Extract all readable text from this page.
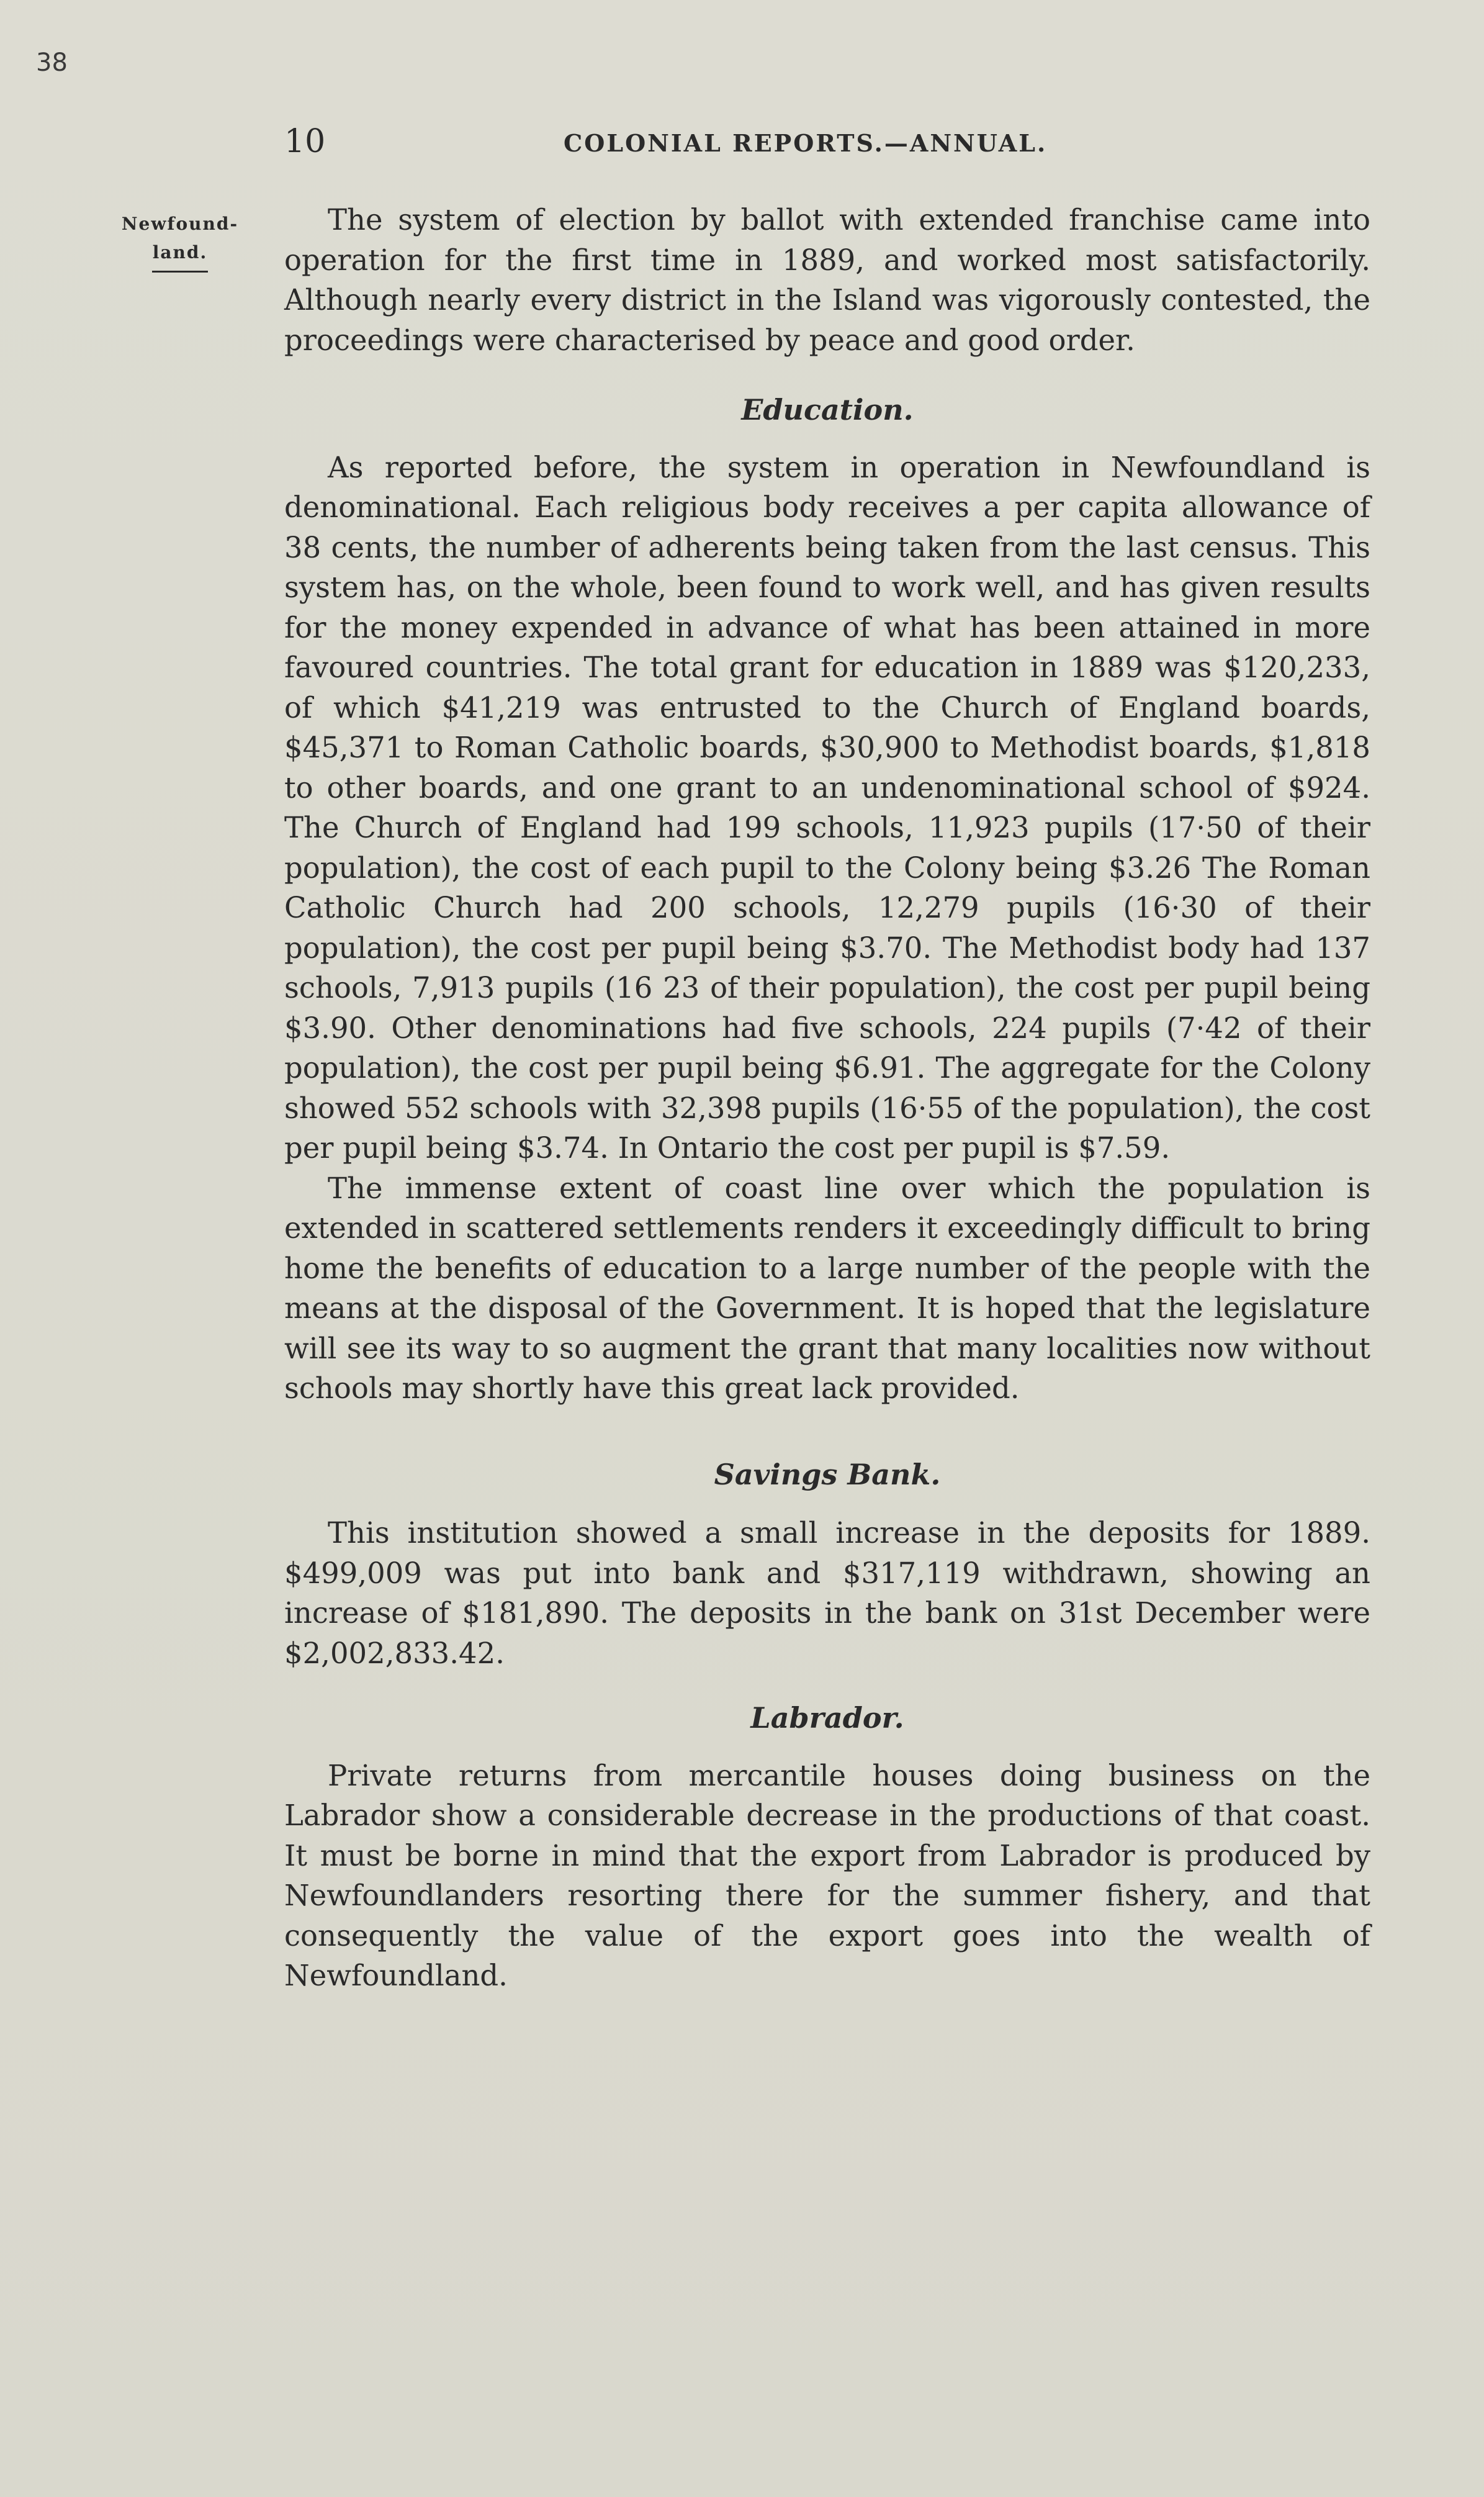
38
10	COLONIAL REPORTS.—ANNUAL.
Newfound-
land.

The system of election by ballot with extended franchise came into operation for the first time in 1889, and worked most satisfactorily. Although nearly every district in the Island was vigorously contested, the proceedings were characterised by peace and good order.

Education.

As reported before, the system in operation in Newfoundland is denominational. Each religious body receives a per capita allowance of 38 cents, the number of adherents being taken from the last census. This system has, on the whole, been found to work well, and has given results for the money expended in advance of what has been attained in more favoured countries. The total grant for education in 1889 was $120,233, of which $41,219 was entrusted to the Church of England boards, $45,371 to Roman Catholic boards, $30,900 to Methodist boards, $1,818 to other boards, and one grant to an undenominational school of $924. The Church of England had 199 schools, 11,923 pupils (17·50 of their population), the cost of each pupil to the Colony being $3.26 The Roman Catholic Church had 200 schools, 12,279 pupils (16·30 of their population), the cost per pupil being $3.70. The Methodist body had 137 schools, 7,913 pupils (16 23 of their population), the cost per pupil being $3.90. Other denominations had five schools, 224 pupils (7·42 of their population), the cost per pupil being $6.91. The aggregate for the Colony showed 552 schools with 32,398 pupils (16·55 of the population), the cost per pupil being $3.74. In Ontario the cost per pupil is $7.59.

The immense extent of coast line over which the population is extended in scattered settlements renders it exceedingly difficult to bring home the benefits of education to a large number of the people with the means at the disposal of the Government. It is hoped that the legislature will see its way to so augment the grant that many localities now without schools may shortly have this great lack provided.

Savings Bank.

This institution showed a small increase in the deposits for 1889. $499,009 was put into bank and $317,119 withdrawn, showing an increase of $181,890. The deposits in the bank on 31st December were $2,002,833.42.

Labrador.

Private returns from mercantile houses doing business on the Labrador show a considerable decrease in the productions of that coast. It must be borne in mind that the export from Labrador is produced by Newfoundlanders resorting there for the summer fishery, and that consequently the value of the export goes into the wealth of Newfoundland.
